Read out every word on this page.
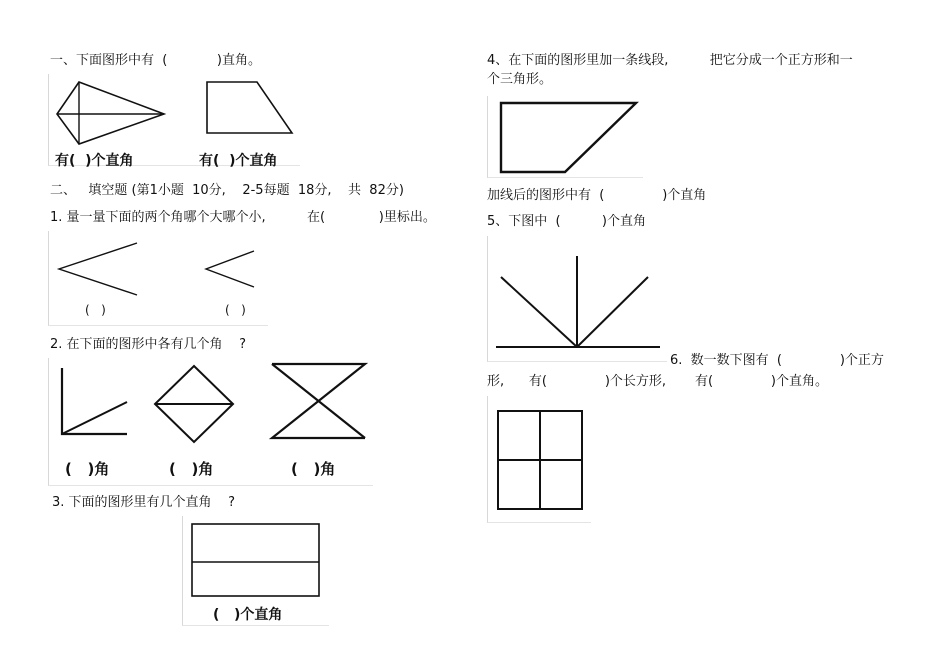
一、下面图形中有  (            )直角。
有(  )个直角	有(  )个直角
二、   填空题 (第1小题  10分,    2-5每题  18分,    共  82分)
1. 量一量下面的两个角哪个大哪个小,          在(             )里标出。
(   )	(   )
2. 在下面的图形中各有几个角    ?
(   )角	(   )角	(   )角
3. 下面的图形里有几个直角    ?
(   )个直角
4、在下面的图形里加一条线段,          把它分成一个正方形和一
个三角形。
加线后的图形中有  (              )个直角
5、下图中  (          )个直角
6.  数一数下图有  (              )个正方
形,      有(              )个长方形,       有(              )个直角。
